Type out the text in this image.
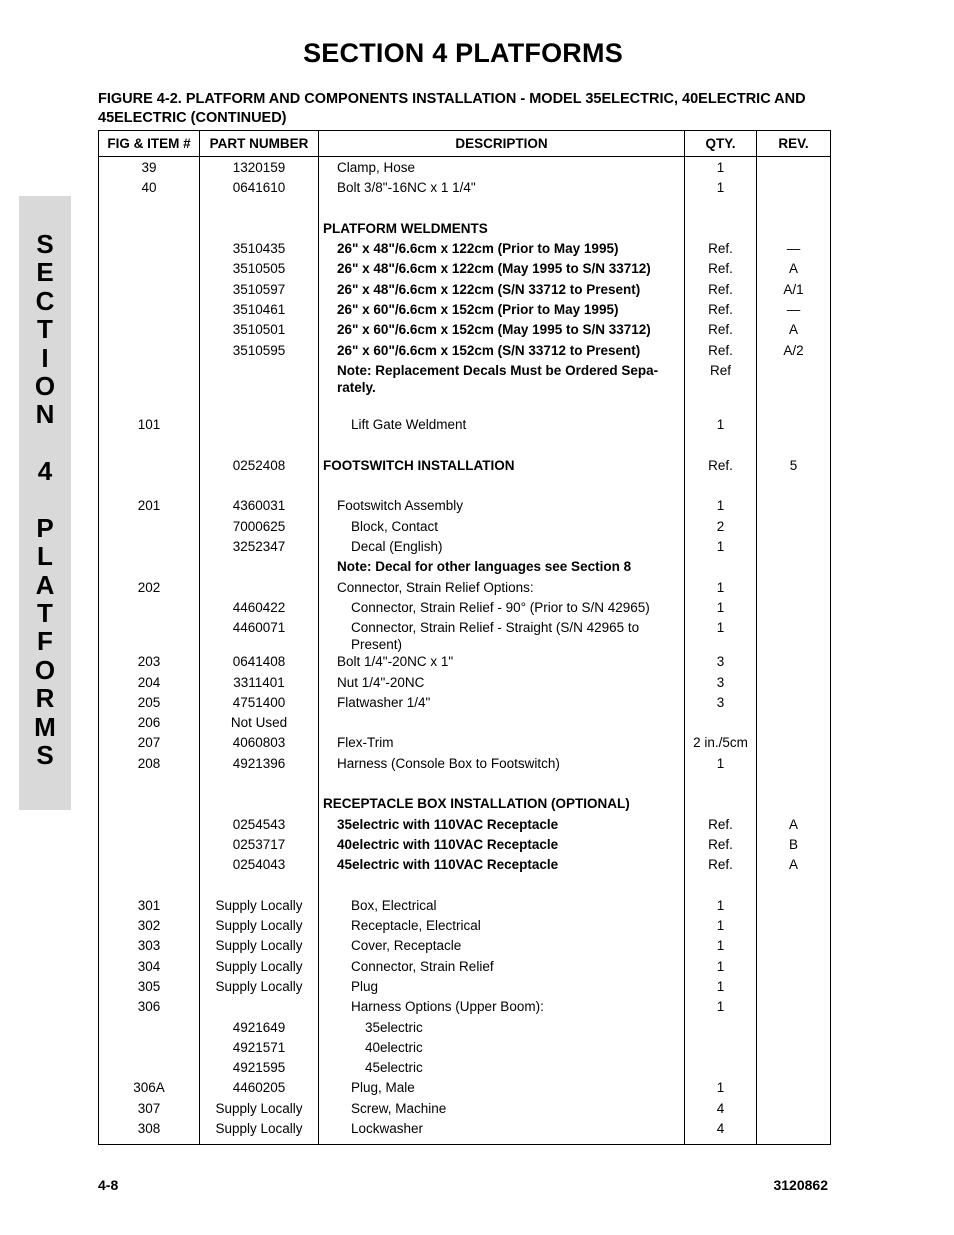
SECTION 4 PLATFORMS
FIGURE 4-2. PLATFORM AND COMPONENTS INSTALLATION - MODEL 35ELECTRIC, 40ELECTRIC AND 45ELECTRIC (CONTINUED)
S
E
C
T
I
O
N
4
P
L
A
T
F
O
R
M
S
FIG & ITEM #	PART NUMBER	DESCRIPTION	QTY.	REV.
39	1320159	Clamp, Hose	1	
40	0641610	Bolt 3/8"-16NC x 1 1/4"	1	

		PLATFORM WELDMENTS		
	3510435	26" x 48"/6.6cm x 122cm (Prior to May 1995)	Ref.	—
	3510505	26" x 48"/6.6cm x 122cm (May 1995 to S/N 33712)	Ref.	A
	3510597	26" x 48"/6.6cm x 122cm (S/N 33712 to Present)	Ref.	A/1
	3510461	26" x 60"/6.6cm x 152cm (Prior to May 1995)	Ref.	—
	3510501	26" x 60"/6.6cm x 152cm (May 1995 to S/N 33712)	Ref.	A
	3510595	26" x 60"/6.6cm x 152cm (S/N 33712 to Present)	Ref.	A/2
		Note: Replacement Decals Must be Ordered Sepa- rately.	Ref	

101		Lift Gate Weldment	1	

	0252408	FOOTSWITCH INSTALLATION	Ref.	5

201	4360031	Footswitch Assembly	1	
	7000625	Block, Contact	2	
	3252347	Decal (English)	1	
		Note: Decal for other languages see Section 8		
202		Connector, Strain Relief Options:	1	
	4460422	Connector, Strain Relief - 90° (Prior to S/N 42965)	1	
	4460071	Connector, Strain Relief - Straight (S/N 42965 to Present)	1	
203	0641408	Bolt 1/4"-20NC x 1"	3	
204	3311401	Nut 1/4"-20NC	3	
205	4751400	Flatwasher 1/4"	3	
206	Not Used			
207	4060803	Flex-Trim	2 in./5cm	
208	4921396	Harness (Console Box to Footswitch)	1	

		RECEPTACLE BOX INSTALLATION (OPTIONAL)		
	0254543	35electric with 110VAC Receptacle	Ref.	A
	0253717	40electric with 110VAC Receptacle	Ref.	B
	0254043	45electric with 110VAC Receptacle	Ref.	A

301	Supply Locally	Box, Electrical	1	
302	Supply Locally	Receptacle, Electrical	1	
303	Supply Locally	Cover, Receptacle	1	
304	Supply Locally	Connector, Strain Relief	1	
305	Supply Locally	Plug	1	
306		Harness Options (Upper Boom):	1	
	4921649	35electric		
	4921571	40electric		
	4921595	45electric		
306A	4460205	Plug, Male	1	
307	Supply Locally	Screw, Machine	4	
308	Supply Locally	Lockwasher	4	
4-8	3120862
